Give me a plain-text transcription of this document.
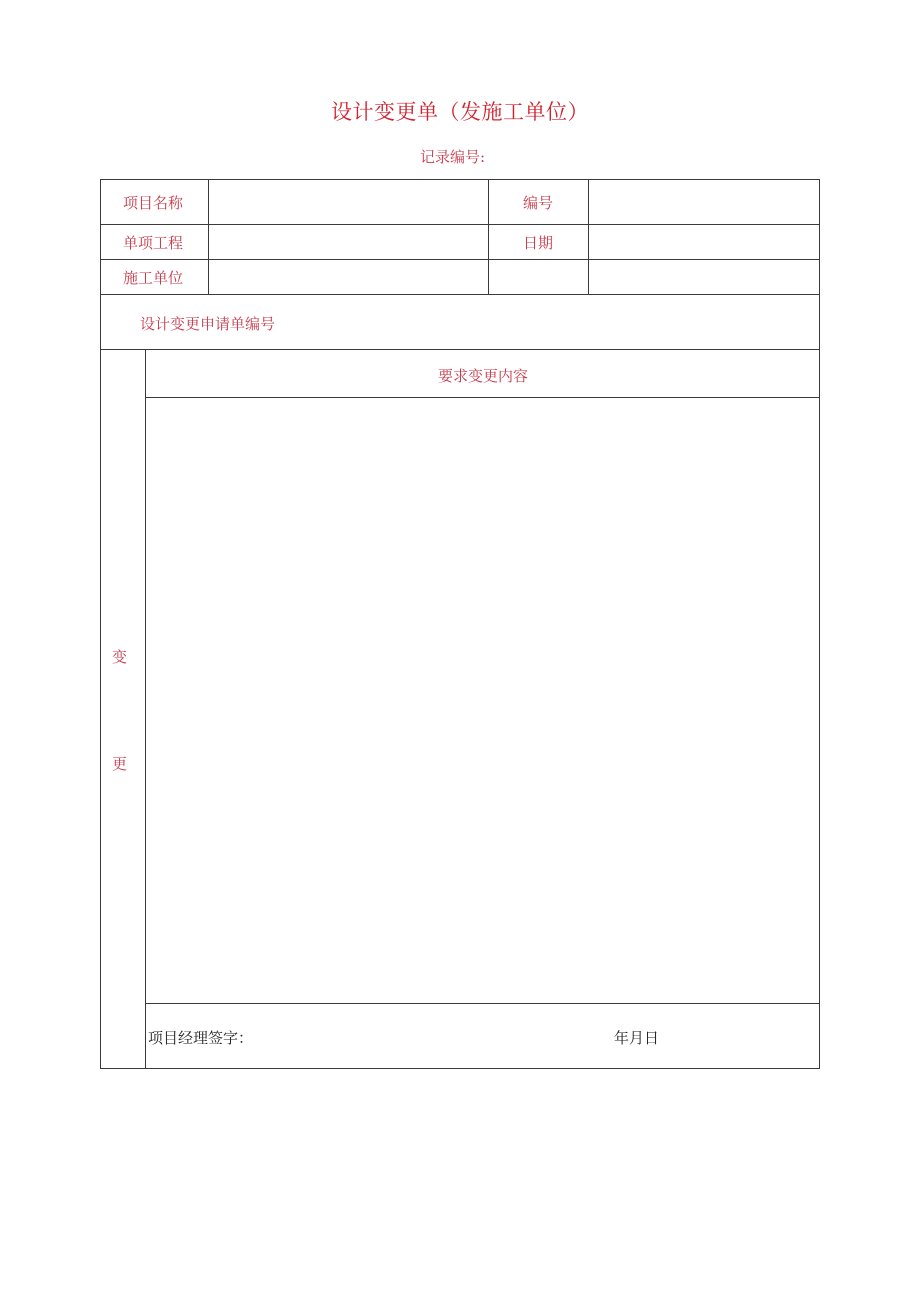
设计变更单（发施工单位）
记录编号:
项目名称	编号
单项工程	日期
施工单位
设计变更申请单编号
变
更
要求变更内容
项目经理签字：	年月日
